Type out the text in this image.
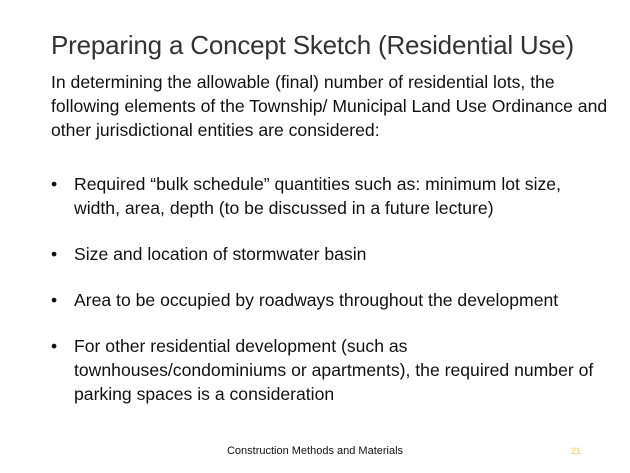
Preparing a Concept Sketch (Residential Use)
In determining the allowable (final) number of residential lots, the following elements of the Township/ Municipal Land Use Ordinance and other jurisdictional entities are considered:
• Required “bulk schedule” quantities such as: minimum lot size, width, area, depth (to be discussed in a future lecture)
• Size and location of stormwater basin
• Area to be occupied by roadways throughout the development
• For other residential development (such as townhouses/condominiums or apartments), the required number of parking spaces is a consideration
Construction Methods and Materials	21
